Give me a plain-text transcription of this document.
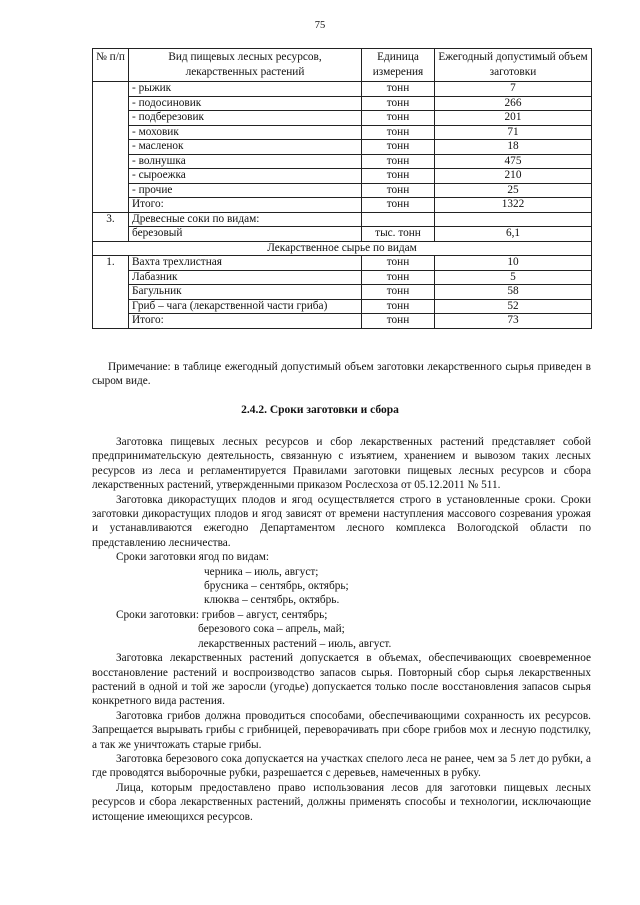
75
№ п/п	Вид пищевых лесных ресурсов, лекарственных растений	Единица измерения	Ежегодный допустимый объем заготовки
	- рыжик	тонн	7
	- подосиновик	тонн	266
	- подберезовик	тонн	201
	- моховик	тонн	71
	- масленок	тонн	18
	- волнушка	тонн	475
	- сыроежка	тонн	210
	- прочие	тонн	25
	Итого:	тонн	1322
3.	Древесные соки по видам:		
	березовый	тыс. тонн	6,1
Лекарственное сырье по видам			
1.	Вахта трехлистная	тонн	10
	Лабазник	тонн	5
	Багульник	тонн	58
	Гриб – чага (лекарственной части гриба)	тонн	52
	Итого:	тонн	73
Примечание: в таблице ежегодный допустимый объем заготовки лекарственного сырья приведен в сыром виде.
2.4.2. Сроки заготовки и сбора

Заготовка пищевых лесных ресурсов и сбор лекарственных растений представляет собой предпринимательскую деятельность, связанную с изъятием, хранением и вывозом таких лесных ресурсов из леса и регламентируется Правилами заготовки пищевых лесных ресурсов и сбора лекарственных растений, утвержденными приказом Рослесхоза от 05.12.2011 № 511.

Заготовка дикорастущих плодов и ягод осуществляется строго в установленные сроки. Сроки заготовки дикорастущих плодов и ягод зависят от времени наступления массового созревания урожая и устанавливаются ежегодно Департаментом лесного комплекса Вологодской области по представлению лесничества.

Сроки заготовки ягод по видам:

черника – июль, август;

брусника – сентябрь, октябрь;

клюква – сентябрь, октябрь.

Сроки заготовки: грибов – август, сентябрь;

березового сока – апрель, май;

лекарственных растений – июль, август.

Заготовка лекарственных растений допускается в объемах, обеспечивающих своевременное восстановление растений и воспроизводство запасов сырья. Повторный сбор сырья лекарственных растений в одной и той же заросли (угодье) допускается только после восстановления запасов сырья конкретного вида растения.

Заготовка грибов должна проводиться способами, обеспечивающими сохранность их ресурсов. Запрещается вырывать грибы с грибницей, переворачивать при сборе грибов мох и лесную подстилку, а так же уничтожать старые грибы.

Заготовка березового сока допускается на участках спелого леса не ранее, чем за 5 лет до рубки, а где проводятся выборочные рубки, разрешается с деревьев, намеченных в рубку.

Лица, которым предоставлено право использования лесов для заготовки пищевых лесных ресурсов и сбора лекарственных растений, должны применять способы и технологии, исключающие истощение имеющихся ресурсов.
